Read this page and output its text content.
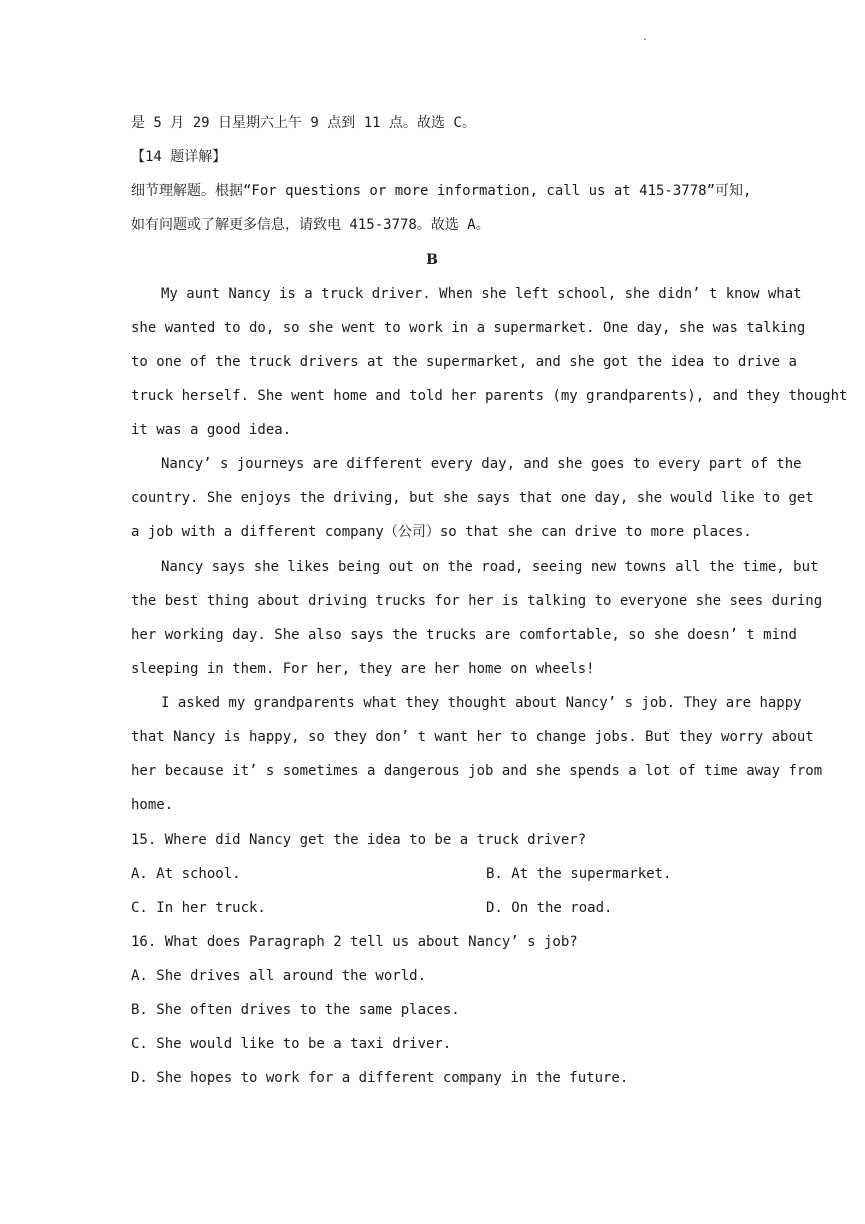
.
是 5 月 29 日星期六上午 9 点到 11 点。故选 C。
【14 题详解】
细节理解题。根据“For questions or more information, call us at 415-3778”可知,
如有问题或了解更多信息，请致电 415-3778。故选 A。
B
My aunt Nancy is a truck driver. When she left school, she didn’ t know what
she wanted to do, so she went to work in a supermarket. One day, she was talking
to one of the truck drivers at the supermarket, and she got the idea to drive a
truck herself. She went home and told her parents (my grandparents), and they thought
it was a good idea.
Nancy’ s journeys are different every day, and she goes to every part of the
country. She enjoys the driving, but she says that one day, she would like to get
a job with a different company（公司）so that she can drive to more places.
Nancy says she likes being out on the road, seeing new towns all the time, but
the best thing about driving trucks for her is talking to everyone she sees during
her working day. She also says the trucks are comfortable, so she doesn’ t mind
sleeping in them. For her, they are her home on wheels!
I asked my grandparents what they thought about Nancy’ s job. They are happy
that Nancy is happy, so they don’ t want her to change jobs. But they worry about
her because it’ s sometimes a dangerous job and she spends a lot of time away from
home.
15. Where did Nancy get the idea to be a truck driver?
A. At school.	B. At the supermarket.
C. In her truck.	D. On the road.
16. What does Paragraph 2 tell us about Nancy’ s job?
A. She drives all around the world.
B. She often drives to the same places.
C. She would like to be a taxi driver.
D. She hopes to work for a different company in the future.
